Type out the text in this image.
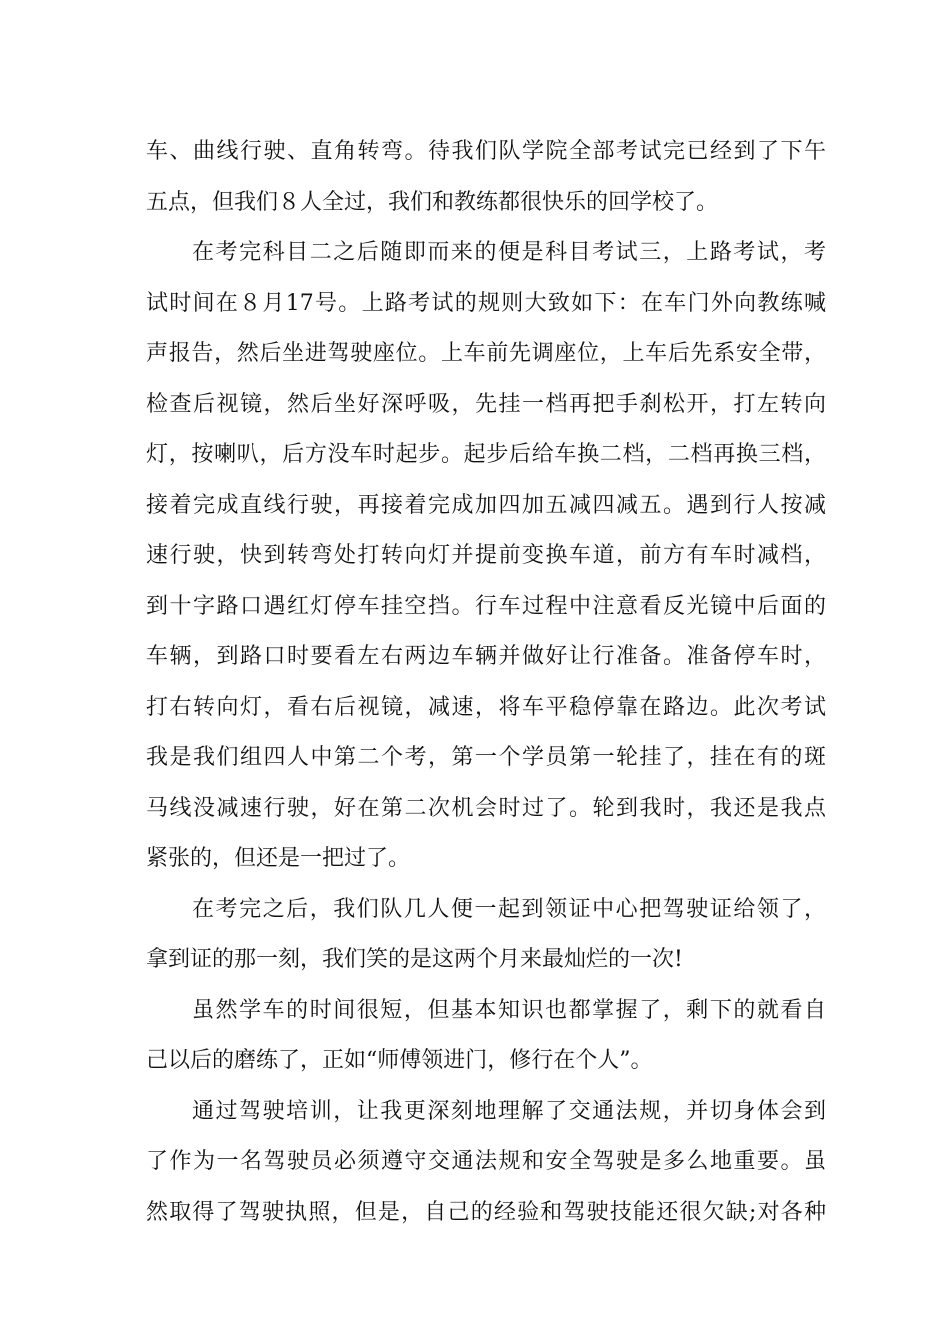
车、曲线行驶、直角转弯。待我们队学院全部考试完已经到了下午
五点，但我们８人全过，我们和教练都很快乐的回学校了。
在考完科目二之后随即而来的便是科目考试三，上路考试，考
试时间在８月17号。上路考试的规则大致如下：在车门外向教练喊
声报告，然后坐进驾驶座位。上车前先调座位，上车后先系安全带，
检查后视镜，然后坐好深呼吸，先挂一档再把手刹松开，打左转向
灯，按喇叭，后方没车时起步。起步后给车换二档，二档再换三档，
接着完成直线行驶，再接着完成加四加五减四减五。遇到行人按减
速行驶，快到转弯处打转向灯并提前变换车道，前方有车时减档，
到十字路口遇红灯停车挂空挡。行车过程中注意看反光镜中后面的
车辆，到路口时要看左右两边车辆并做好让行准备。准备停车时，
打右转向灯，看右后视镜，减速，将车平稳停靠在路边。此次考试
我是我们组四人中第二个考，第一个学员第一轮挂了，挂在有的斑
马线没减速行驶，好在第二次机会时过了。轮到我时，我还是我点
紧张的，但还是一把过了。
在考完之后，我们队几人便一起到领证中心把驾驶证给领了，
拿到证的那一刻，我们笑的是这两个月来最灿烂的一次!
虽然学车的时间很短，但基本知识也都掌握了，剩下的就看自
己以后的磨练了，正如“师傅领进门，修行在个人”。
通过驾驶培训，让我更深刻地理解了交通法规，并切身体会到
了作为一名驾驶员必须遵守交通法规和安全驾驶是多么地重要。虽
然取得了驾驶执照，但是，自己的经验和驾驶技能还很欠缺;对各种
